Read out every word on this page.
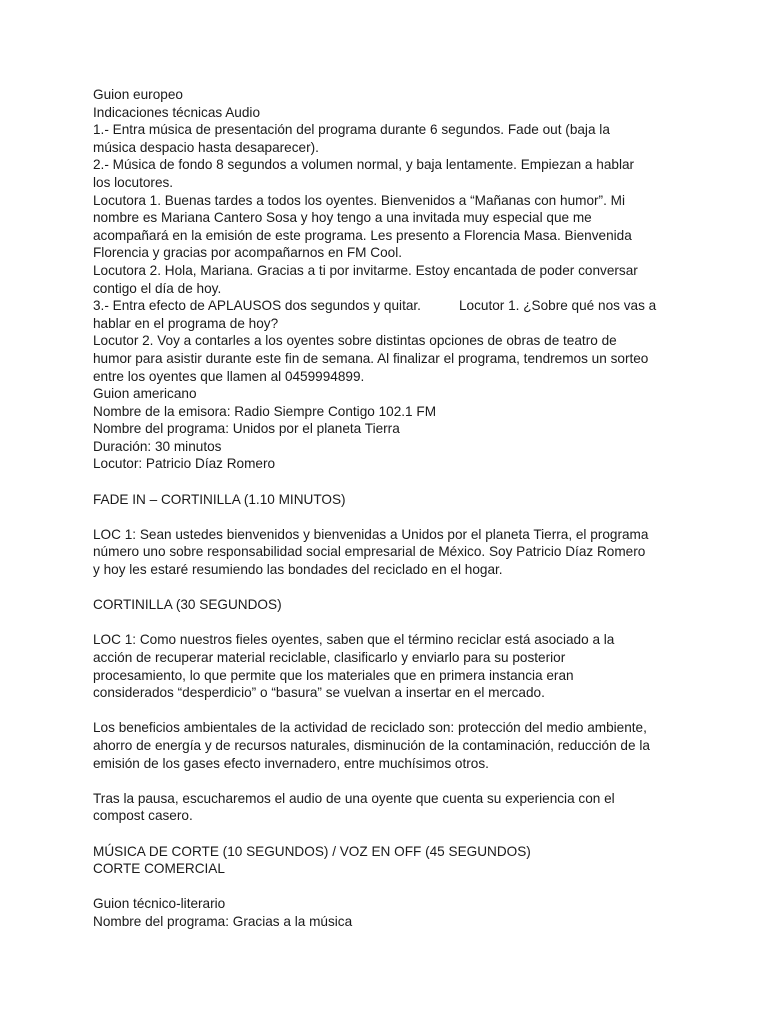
Guion europeo
Indicaciones técnicas Audio
1.- Entra música de presentación del programa durante 6 segundos. Fade out (baja la
música despacio hasta desaparecer).
2.- Música de fondo 8 segundos a volumen normal, y baja lentamente. Empiezan a hablar
los locutores.
Locutora 1. Buenas tardes a todos los oyentes. Bienvenidos a “Mañanas con humor”. Mi
nombre es Mariana Cantero Sosa y hoy tengo a una invitada muy especial que me
acompañará en la emisión de este programa. Les presento a Florencia Masa. Bienvenida
Florencia y gracias por acompañarnos en FM Cool.
Locutora 2. Hola, Mariana. Gracias a ti por invitarme. Estoy encantada de poder conversar
contigo el día de hoy.
3.- Entra efecto de APLAUSOS dos segundos y quitar.	Locutor 1. ¿Sobre qué nos vas a
hablar en el programa de hoy?
Locutor 2. Voy a contarles a los oyentes sobre distintas opciones de obras de teatro de
humor para asistir durante este fin de semana. Al finalizar el programa, tendremos un sorteo
entre los oyentes que llamen al 0459994899.
Guion americano
Nombre de la emisora: Radio Siempre Contigo 102.1 FM
Nombre del programa: Unidos por el planeta Tierra
Duración: 30 minutos
Locutor: Patricio Díaz Romero
FADE IN – CORTINILLA (1.10 MINUTOS)
LOC 1: Sean ustedes bienvenidos y bienvenidas a Unidos por el planeta Tierra, el programa
número uno sobre responsabilidad social empresarial de México. Soy Patricio Díaz Romero
y hoy les estaré resumiendo las bondades del reciclado en el hogar.
CORTINILLA (30 SEGUNDOS)
LOC 1: Como nuestros fieles oyentes, saben que el término reciclar está asociado a la
acción de recuperar material reciclable, clasificarlo y enviarlo para su posterior
procesamiento, lo que permite que los materiales que en primera instancia eran
considerados “desperdicio” o “basura” se vuelvan a insertar en el mercado.
Los beneficios ambientales de la actividad de reciclado son: protección del medio ambiente,
ahorro de energía y de recursos naturales, disminución de la contaminación, reducción de la
emisión de los gases efecto invernadero, entre muchísimos otros.
Tras la pausa, escucharemos el audio de una oyente que cuenta su experiencia con el
compost casero.
MÚSICA DE CORTE (10 SEGUNDOS) / VOZ EN OFF (45 SEGUNDOS)
CORTE COMERCIAL
Guion técnico-literario
Nombre del programa: Gracias a la música
